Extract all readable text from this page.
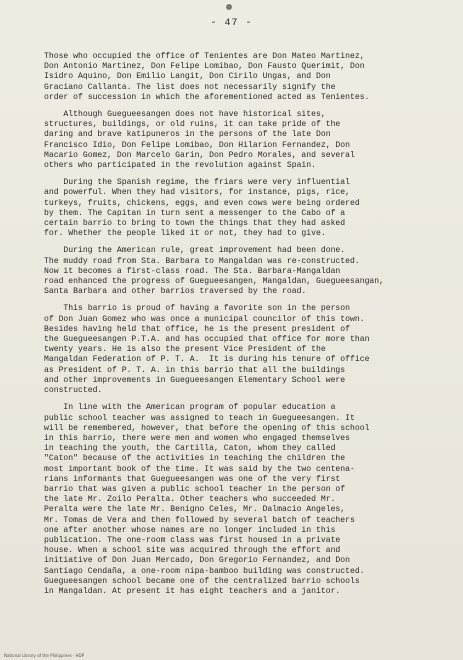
- 47 -
Those who occupied the office of Tenientes are Don Mateo Martinez,
Don Antonio Martinez, Don Felipe Lomibao, Don Fausto Querimit, Don
Isidro Aquino, Don Emilio Langit, Don Cirilo Ungas, and Don
Graciano Callanta. The list does not necessarily signify the
order of succession in which the aforementioned acted as Tenientes.
Although Guegueesangen does not have historical sites,
structures, buildings, or old ruins, it can take pride of the
daring and brave katipuneros in the persons of the late Don
Francisco Idio, Don Felipe Lomibao, Don Hilarion Fernandez, Don
Macario Gomez, Don Marcelo Garin, Don Pedro Morales, and several
others who participated in the revolution against Spain.
During the Spanish regime, the friars were very influential
and powerful. When they had visitors, for instance, pigs, rice,
turkeys, fruits, chickens, eggs, and even cows were being ordered
by them. The Capitan in turn sent a messenger to the Cabo of a
certain barrio to bring to town the things that they had asked
for. Whether the people liked it or not, they had to give.
During the American rule, great improvement had been done.
The muddy road from Sta. Barbara to Mangaldan was re-constructed.
Now it becomes a first-class road. The Sta. Barbara-Mangaldan
road enhanced the progress of Guegueesangen, Mangaldan, Guegueesangan,
Santa Barbara and other barrios traversed by the road.
This barrio is proud of having a favorite son in the person
of Don Juan Gomez who was once a municipal councilor of this town.
Besides having held that office, he is the present president of
the Guegueesangen P.T.A. and has occupied that office for more than
twenty years. He is also the present Vice President of the
Mangaldan Federation of P. T. A.  It is during his tenure of office
as President of P. T. A. in this barrio that all the buildings
and other improvements in Guegueesangen Elementary School were
constructed.
In line with the American program of popular education a
public school teacher was assigned to teach in Guegueesangen. It
will be remembered, however, that before the opening of this school
in this barrio, there were men and women who engaged themselves
in teaching the youth, the Cartilla, Caton, whom they called
"Caton" because of the activities in teaching the children the
most important book of the time. It was said by the two centena-
rians informants that Guegueesangen was one of the very first
barrio that was given a public school teacher in the person of
the late Mr. Zoilo Peralta. Other teachers who succeeded Mr.
Peralta were the late Mr. Benigno Celes, Mr. Dalmacio Angeles,
Mr. Tomas de Vera and then followed by several batch of teachers
one after another whose names are no longer included in this
publication. The one-room class was first housed in a private
house. When a school site was acquired through the effort and
initiative of Don Juan Mercado, Don Gregorio Fernandez, and Don
Santiago Cendaña, a one-room nipa-bamboo building was constructed.
Guegueesangen school became one of the centralized barrio schools
in Mangaldan. At present it has eight teachers and a janitor.
National Library of the Philippines · HDP
